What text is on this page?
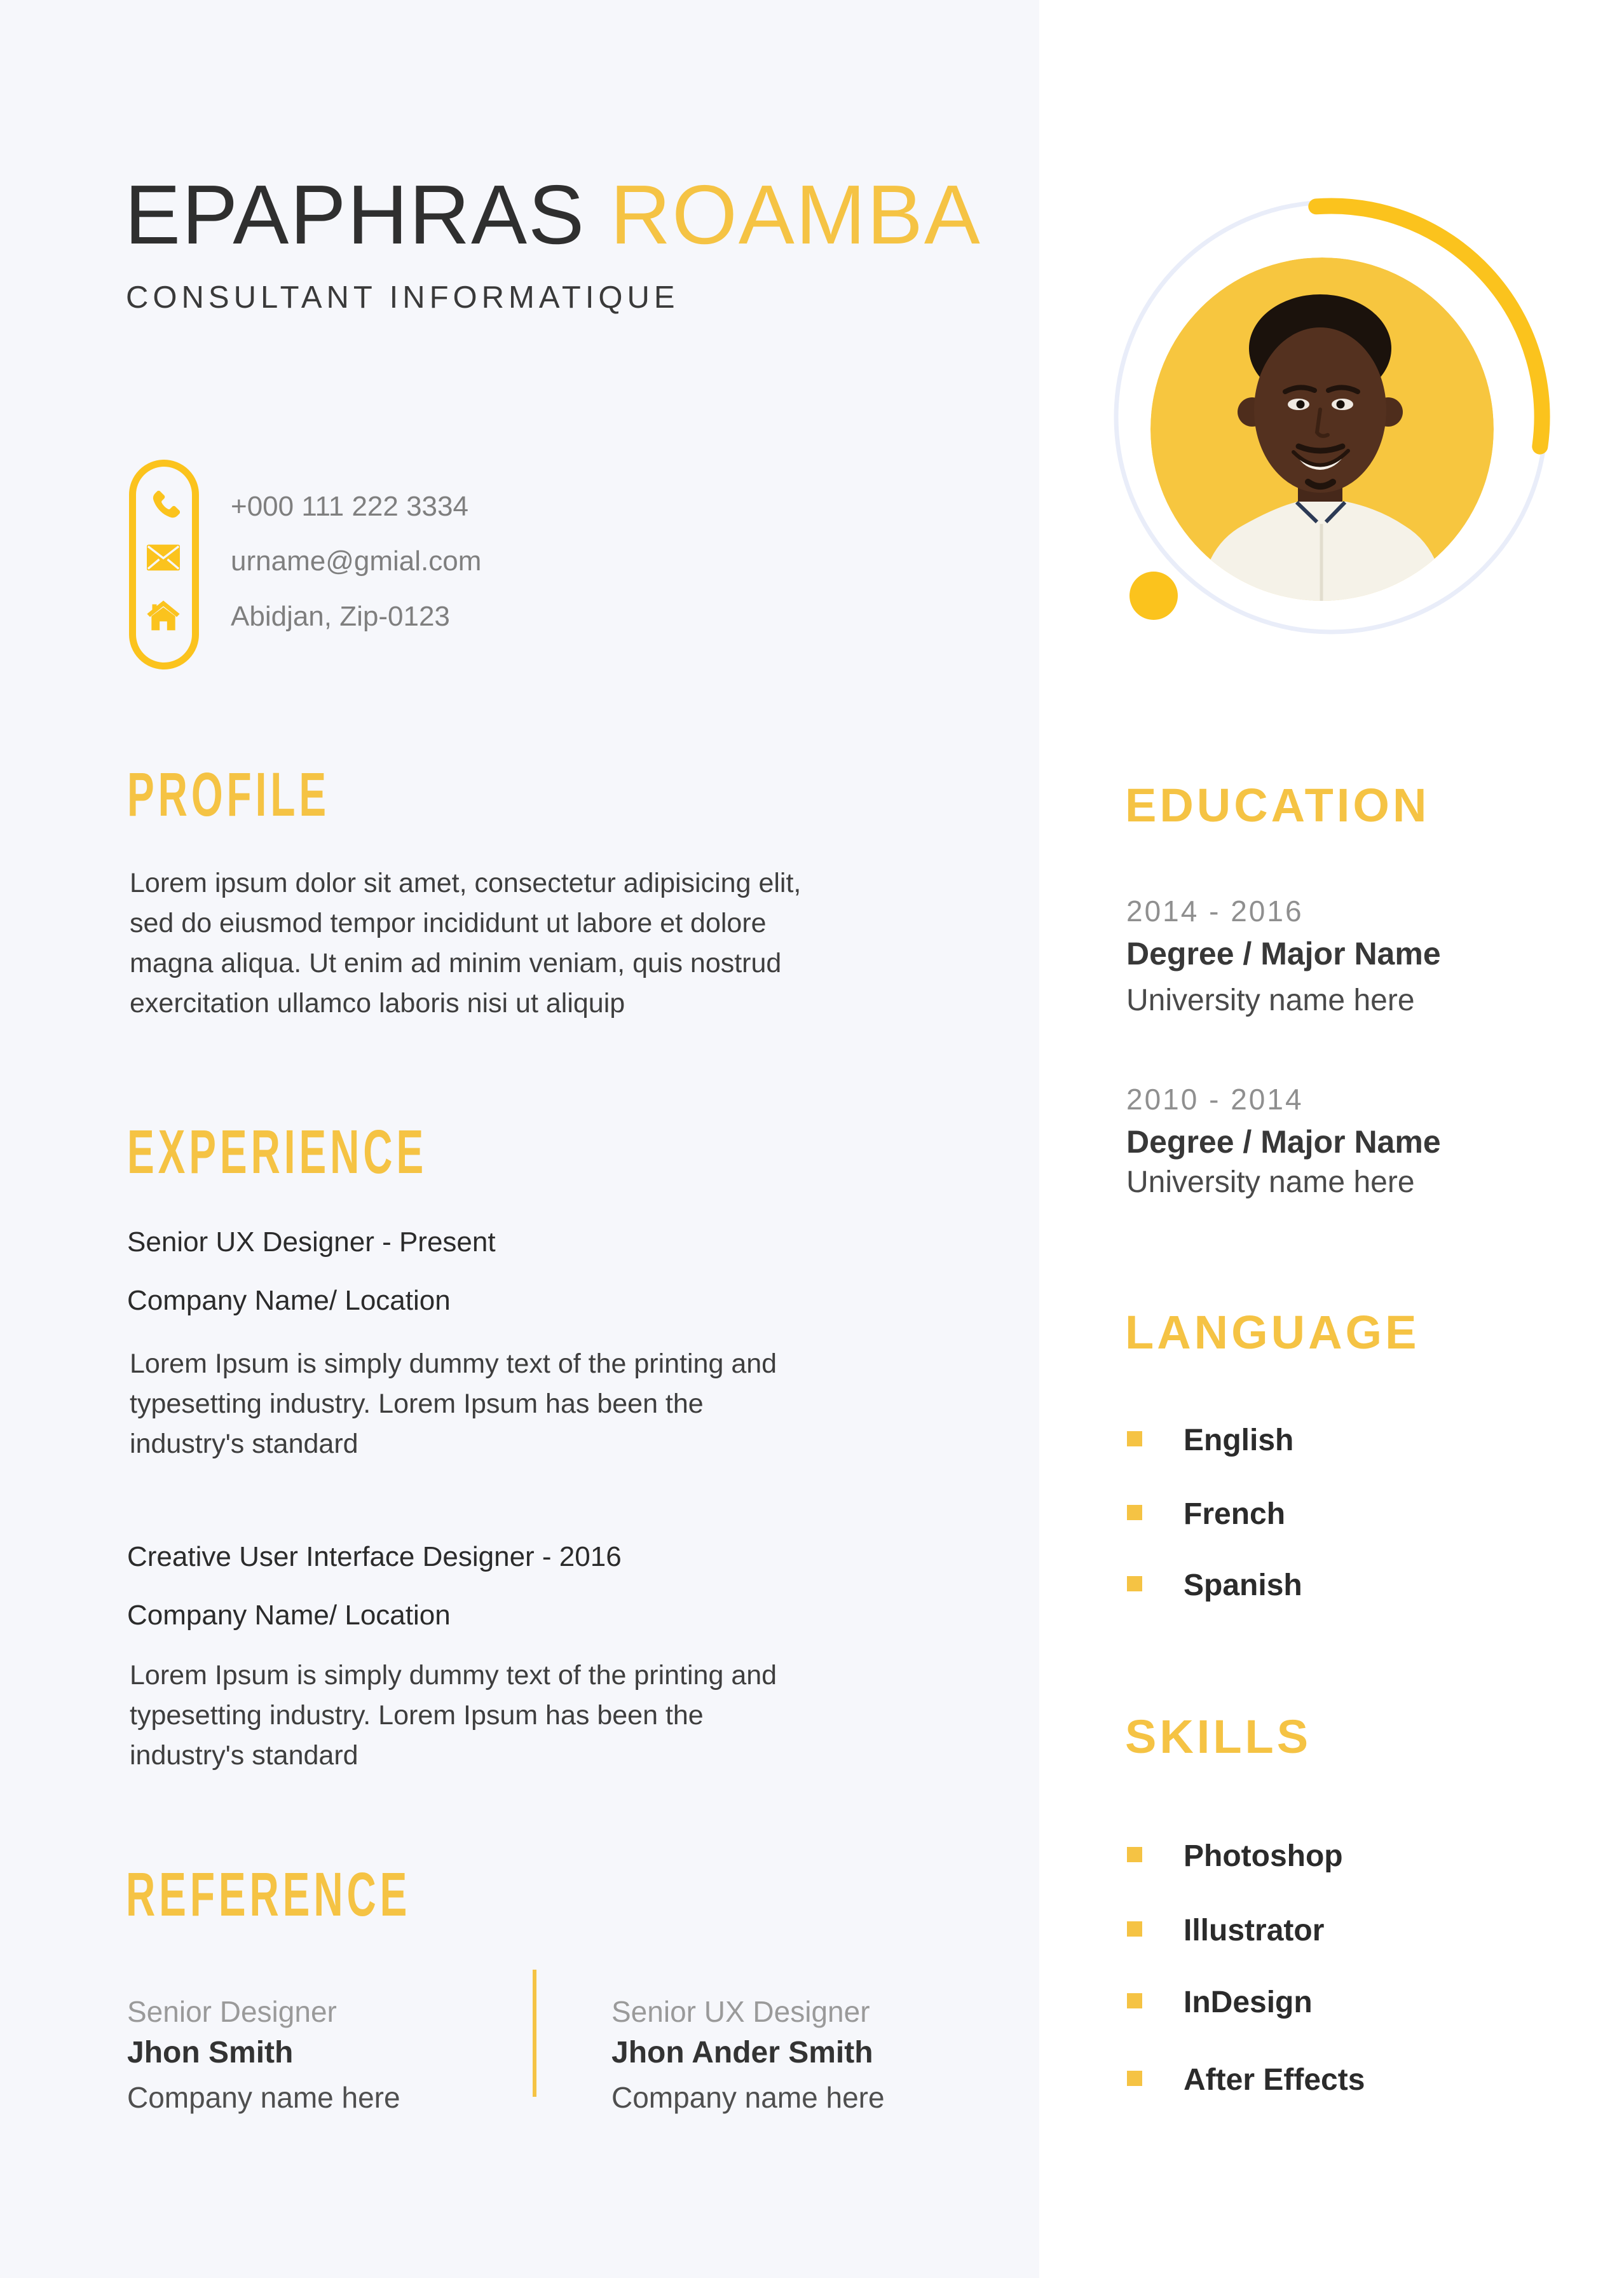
EPAPHRAS ROAMBA
CONSULTANT INFORMATIQUE
+000 111 222 3334
urname@gmial.com
Abidjan, Zip-0123
PROFILE
Lorem ipsum dolor sit amet, consectetur adipisicing elit,
sed do eiusmod tempor incididunt ut labore et dolore
magna aliqua. Ut enim ad minim veniam, quis nostrud
exercitation ullamco laboris nisi ut aliquip
EXPERIENCE
Senior UX Designer - Present
Company Name/ Location
Lorem Ipsum is simply dummy text of the printing and
typesetting industry. Lorem Ipsum has been the
industry's standard
Creative User Interface Designer - 2016
Company Name/ Location
Lorem Ipsum is simply dummy text of the printing and
typesetting industry. Lorem Ipsum has been the
industry's standard
REFERENCE
Senior Designer
Jhon Smith
Company name here
Senior UX Designer
Jhon Ander Smith
Company name here
EDUCATION
2014 - 2016
Degree / Major Name
University name here
2010 - 2014
Degree / Major Name
University name here
LANGUAGE
English
French
Spanish
SKILLS
Photoshop
Illustrator
InDesign
After Effects
